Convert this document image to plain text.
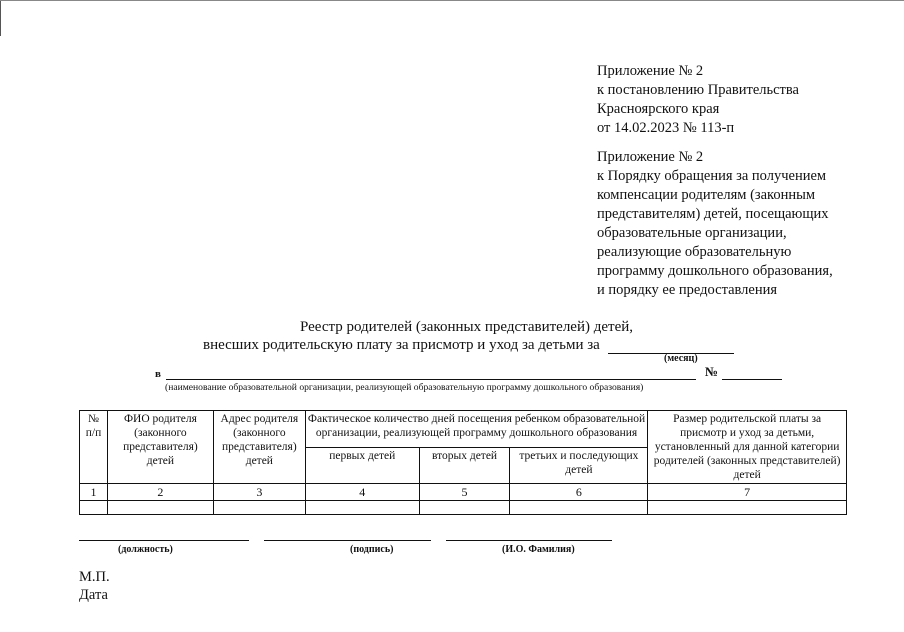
Приложение № 2
к постановлению Правительства
Красноярского края
от 14.02.2023 № 113-п
Приложение № 2
к Порядку обращения за получением
компенсации родителям (законным
представителям) детей, посещающих
образовательные организации,
реализующие образовательную
программу дошкольного образования,
и порядку ее предоставления
Реестр родителей (законных представителей) детей,
внесших родительскую плату за присмотр и уход за детьми за
(месяц)
в	№
(наименование образовательной организации, реализующей образовательную программу дошкольного образования)
№ п/п	ФИО родителя (законного представителя) детей	Адрес родителя (законного представителя) детей	Фактическое количество дней посещения ребенком образовательной организации, реализующей программу дошкольного образования			Размер родительской платы за присмотр и уход за детьми, установленный для данной категории родителей (законных представителей) детей
			первых детей	вторых детей	третьих и последующих детей	
1	2	3	4	5	6	7

(должность)	(подпись)	(И.О. Фамилия)
М.П.
Дата
